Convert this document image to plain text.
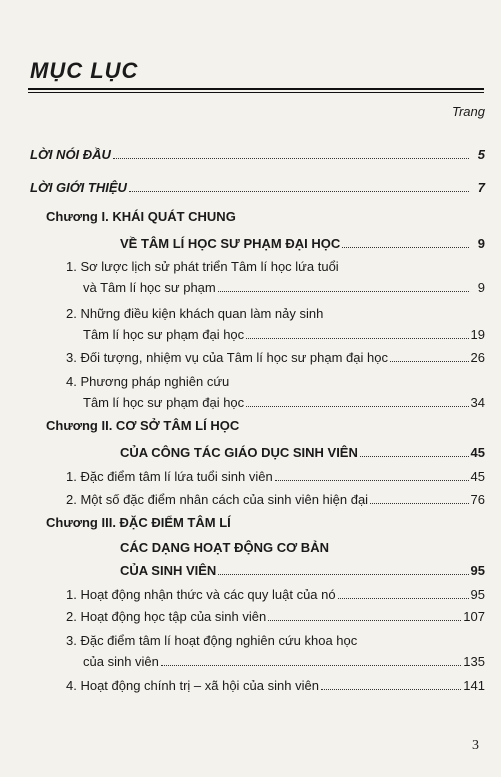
MỤC LỤC
Trang
LỜI NÓI ĐẦU	5
LỜI GIỚI THIỆU	7
Chương I. KHÁI QUÁT CHUNG
VỀ TÂM LÍ HỌC SƯ PHẠM ĐẠI HỌC	9
1. Sơ lược lịch sử phát triển Tâm lí học lứa tuổi
và Tâm lí học sư phạm	9
2. Những điều kiện khách quan làm nảy sinh
Tâm lí học sư phạm đại học	19
3. Đối tượng, nhiệm vụ của Tâm lí học sư phạm đại học	26
4. Phương pháp nghiên cứu
Tâm lí học sư phạm đại học	34
Chương II. CƠ SỞ TÂM LÍ HỌC
CỦA CÔNG TÁC GIÁO DỤC SINH VIÊN	45
1. Đặc điểm tâm lí lứa tuổi sinh viên	45
2. Một số đặc điểm nhân cách của sinh viên hiện đại	76
Chương III. ĐẶC ĐIỂM TÂM LÍ
CÁC DẠNG HOẠT ĐỘNG CƠ BẢN
CỦA SINH VIÊN	95
1. Hoạt động nhận thức và các quy luật của nó	95
2. Hoạt động học tập của sinh viên	107
3. Đặc điểm tâm lí hoạt động nghiên cứu khoa học
của sinh viên	135
4. Hoạt động chính trị – xã hội của sinh viên	141
3
